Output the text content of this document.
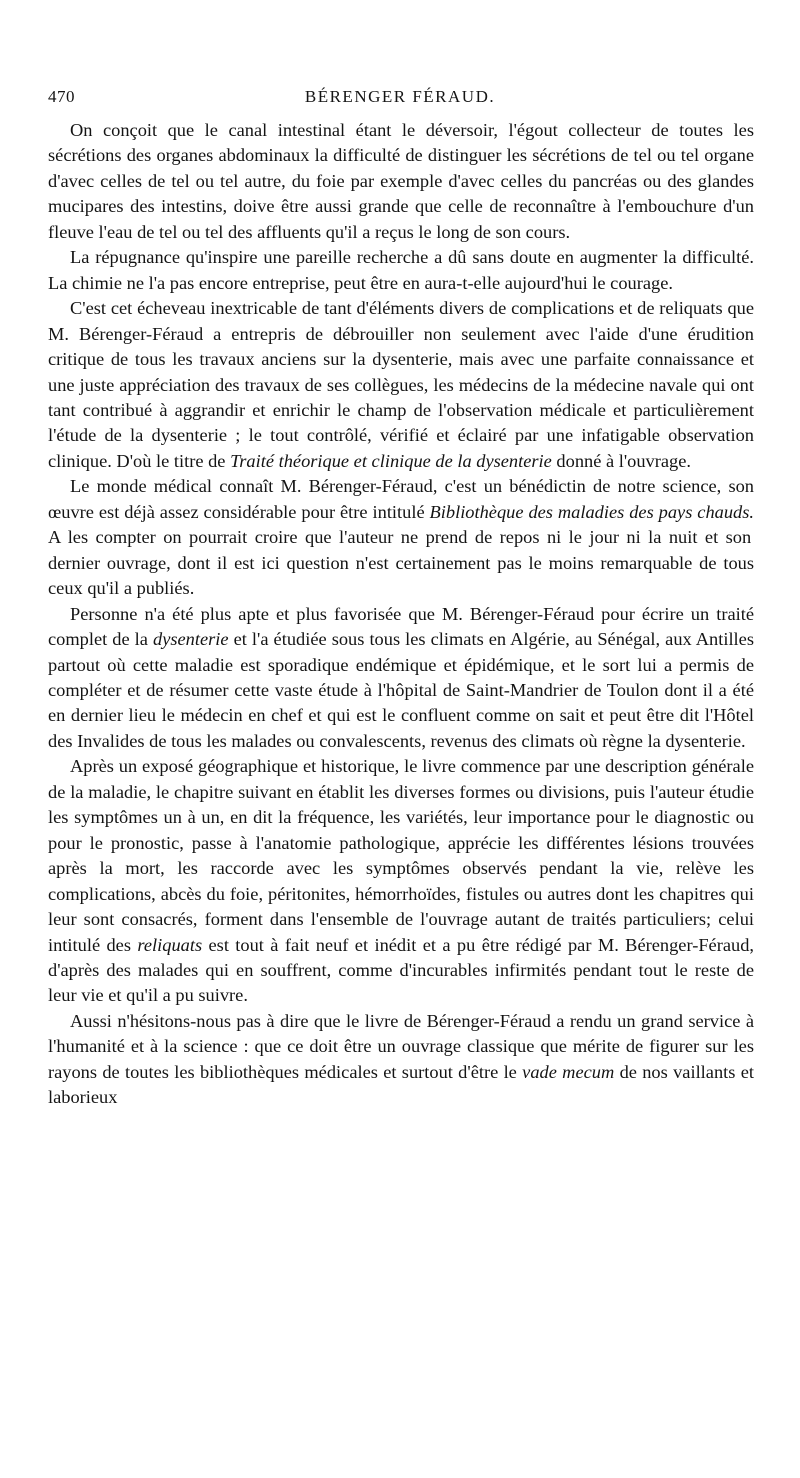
470	BÉRENGER FÉRAUD.

On conçoit que le canal intestinal étant le déversoir, l'égout collecteur de toutes les sécrétions des organes abdominaux la difficulté de distinguer les sécrétions de tel ou tel organe d'avec celles de tel ou tel autre, du foie par exemple d'avec celles du pancréas ou des glandes mucipares des intestins, doive être aussi grande que celle de reconnaître à l'embouchure d'un fleuve l'eau de tel ou tel des affluents qu'il a reçus le long de son cours.

La répugnance qu'inspire une pareille recherche a dû sans doute en augmenter la difficulté. La chimie ne l'a pas encore entreprise, peut être en aura-t-elle aujourd'hui le courage.

C'est cet écheveau inextricable de tant d'éléments divers de complications et de reliquats que M. Bérenger-Féraud a entrepris de débrouiller non seulement avec l'aide d'une érudition critique de tous les travaux anciens sur la dysenterie, mais avec une parfaite connaissance et une juste appréciation des travaux de ses collègues, les médecins de la médecine navale qui ont tant contribué à aggrandir et enrichir le champ de l'observation médicale et particulièrement l'étude de la dysenterie ; le tout contrôlé, vérifié et éclairé par une infatigable observation clinique. D'où le titre de Traité théorique et clinique de la dysenterie donné à l'ouvrage.

Le monde médical connaît M. Bérenger-Féraud, c'est un bénédictin de notre science, son œuvre est déjà assez considérable pour être intitulé Bibliothèque des maladies des pays chauds. A les compter on pourrait croire que l'auteur ne prend de repos ni le jour ni la nuit et son dernier ouvrage, dont il est ici question n'est certainement pas le moins remarquable de tous ceux qu'il a publiés.

Personne n'a été plus apte et plus favorisée que M. Bérenger-Féraud pour écrire un traité complet de la dysenterie et l'a étudiée sous tous les climats en Algérie, au Sénégal, aux Antilles partout où cette maladie est sporadique endémique et épidémique, et le sort lui a permis de compléter et de résumer cette vaste étude à l'hôpital de Saint-Mandrier de Toulon dont il a été en dernier lieu le médecin en chef et qui est le confluent comme on sait et peut être dit l'Hôtel des Invalides de tous les malades ou convalescents, revenus des climats où règne la dysenterie.

Après un exposé géographique et historique, le livre commence par une description générale de la maladie, le chapitre suivant en établit les diverses formes ou divisions, puis l'auteur étudie les symptômes un à un, en dit la fréquence, les variétés, leur importance pour le diagnostic ou pour le pronostic, passe à l'anatomie pathologique, apprécie les différentes lésions trouvées après la mort, les raccorde avec les symptômes observés pendant la vie, relève les complications, abcès du foie, péritonites, hémorrhoïdes, fistules ou autres dont les chapitres qui leur sont consacrés, forment dans l'ensemble de l'ouvrage autant de traités particuliers; celui intitulé des reliquats est tout à fait neuf et inédit et a pu être rédigé par M. Bérenger-Féraud, d'après des malades qui en souffrent, comme d'incurables infirmités pendant tout le reste de leur vie et qu'il a pu suivre.

Aussi n'hésitons-nous pas à dire que le livre de Bérenger-Féraud a rendu un grand service à l'humanité et à la science : que ce doit être un ouvrage classique que mérite de figurer sur les rayons de toutes les bibliothèques médicales et surtout d'être le vade mecum de nos vaillants et laborieux
